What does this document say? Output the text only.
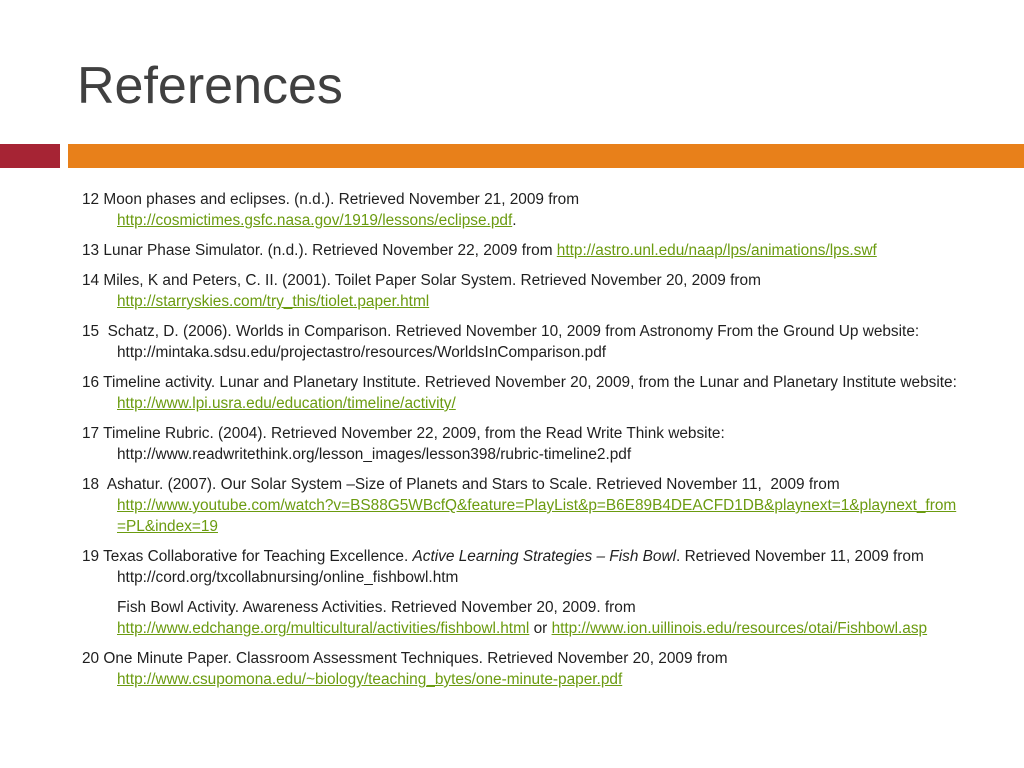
References
12 Moon phases and eclipses. (n.d.). Retrieved November 21, 2009 from
http://cosmictimes.gsfc.nasa.gov/1919/lessons/eclipse.pdf .
13 Lunar Phase Simulator. (n.d.). Retrieved November 22, 2009 from http://astro.unl.edu/naap/lps/animations/lps.swf
14 Miles, K and Peters, C. II. (2001). Toilet Paper Solar System. Retrieved November 20, 2009 from
http://starryskies.com/try_this/tiolet.paper.html
15  Schatz, D. (2006). Worlds in Comparison. Retrieved November 10, 2009 from Astronomy From the Ground Up website:
http://mintaka.sdsu.edu/projectastro/resources/WorldsInComparison.pdf
16 Timeline activity. Lunar and Planetary Institute. Retrieved November 20, 2009, from the Lunar and Planetary Institute website:
http://www.lpi.usra.edu/education/timeline/activity/
17 Timeline Rubric. (2004). Retrieved November 22, 2009, from the Read Write Think website:
http://www.readwritethink.org/lesson_images/lesson398/rubric-timeline2.pdf
18  Ashatur. (2007). Our Solar System –Size of Planets and Stars to Scale. Retrieved November 11,  2009 from
http://www.youtube.com/watch?v=BS88G5WBcfQ&feature=PlayList&p=B6E89B4DEACFD1DB&playnext=1&playnext_from
=PL&index=19
19 Texas Collaborative for Teaching Excellence. Active Learning Strategies – Fish Bowl . Retrieved November 11, 2009 from
http://cord.org/txcollabnursing/online_fishbowl.htm
Fish Bowl Activity. Awareness Activities. Retrieved November 20, 2009. from
http://www.edchange.org/multicultural/activities/fishbowl.html or http://www.ion.uillinois.edu/resources/otai/Fishbowl.asp
20 One Minute Paper. Classroom Assessment Techniques. Retrieved November 20, 2009 from
http://www.csupomona.edu/~biology/teaching_bytes/one-minute-paper.pdf
